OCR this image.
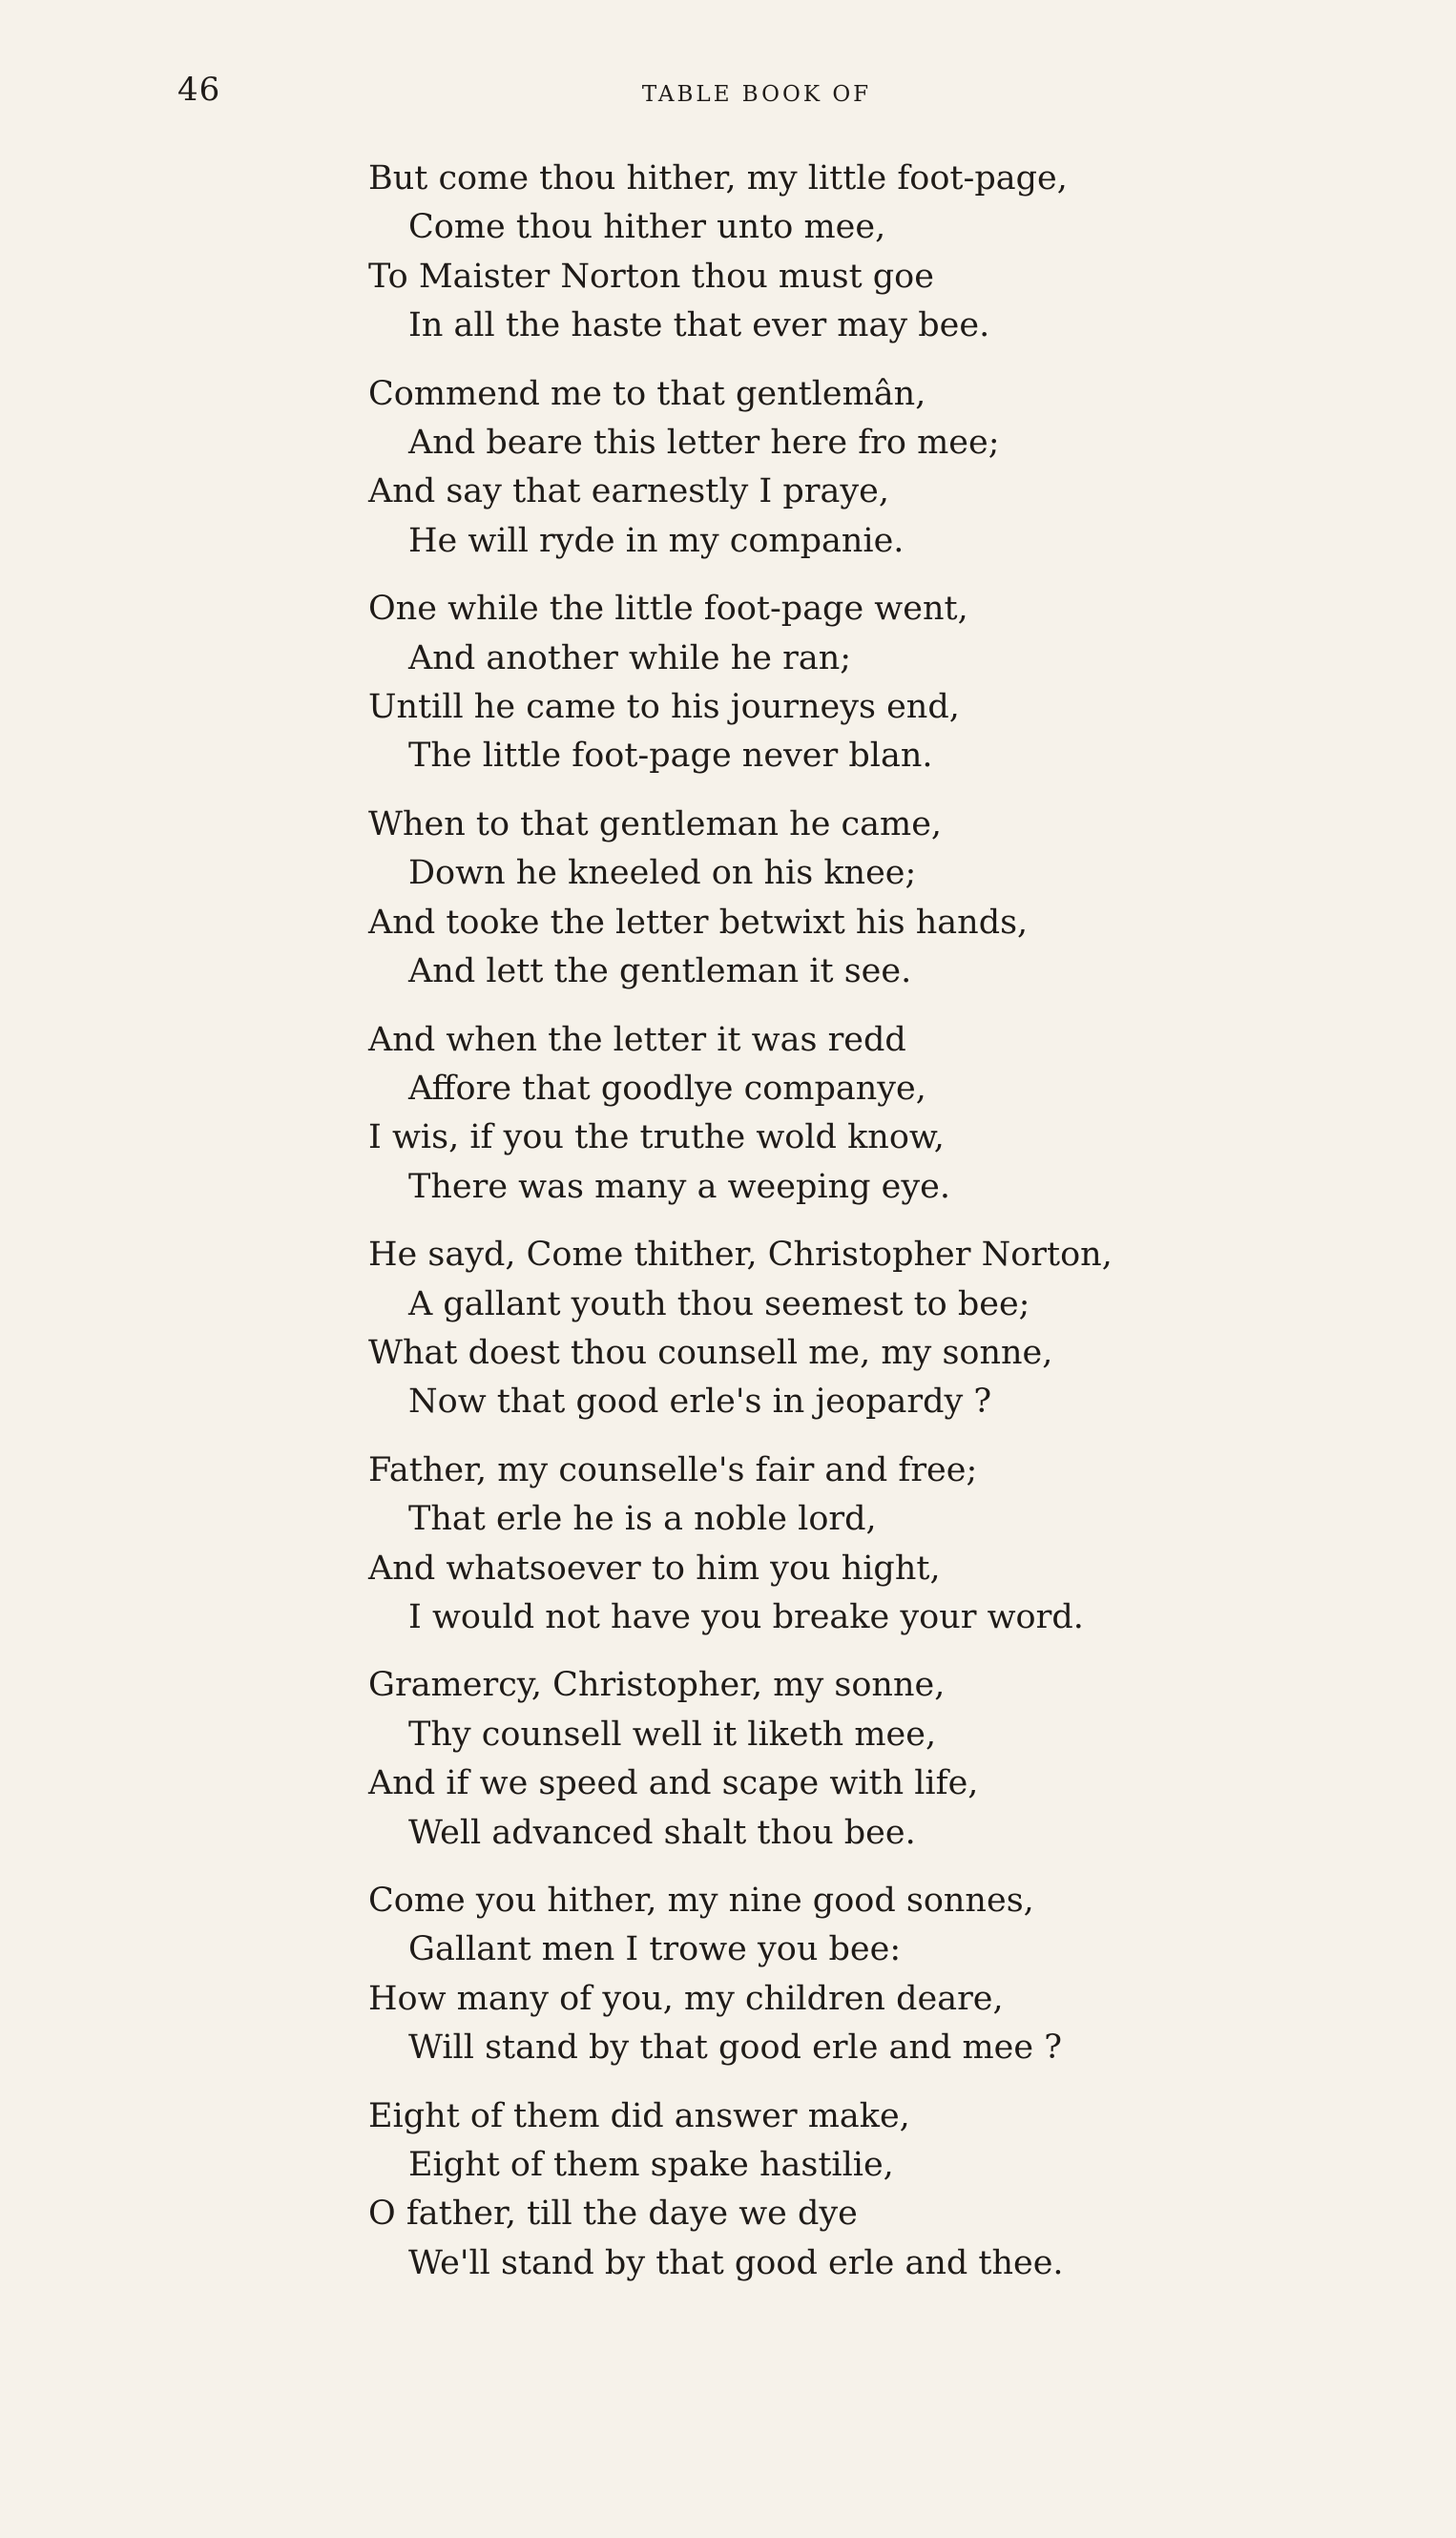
46	TABLE BOOK OF
But come thou hither, my little foot-page,
Come thou hither unto mee,
To Maister Norton thou must goe
In all the haste that ever may bee.
Commend me to that gentlemân,
And beare this letter here fro mee;
And say that earnestly I praye,
He will ryde in my companie.
One while the little foot-page went,
And another while he ran;
Untill he came to his journeys end,
The little foot-page never blan.
When to that gentleman he came,
Down he kneeled on his knee;
And tooke the letter betwixt his hands,
And lett the gentleman it see.
And when the letter it was redd
Affore that goodlye companye,
I wis, if you the truthe wold know,
There was many a weeping eye.
He sayd, Come thither, Christopher Norton,
A gallant youth thou seemest to bee;
What doest thou counsell me, my sonne,
Now that good erle's in jeopardy ?
Father, my counselle's fair and free;
That erle he is a noble lord,
And whatsoever to him you hight,
I would not have you breake your word.
Gramercy, Christopher, my sonne,
Thy counsell well it liketh mee,
And if we speed and scape with life,
Well advanced shalt thou bee.
Come you hither, my nine good sonnes,
Gallant men I trowe you bee:
How many of you, my children deare,
Will stand by that good erle and mee ?
Eight of them did answer make,
Eight of them spake hastilie,
O father, till the daye we dye
We'll stand by that good erle and thee.
